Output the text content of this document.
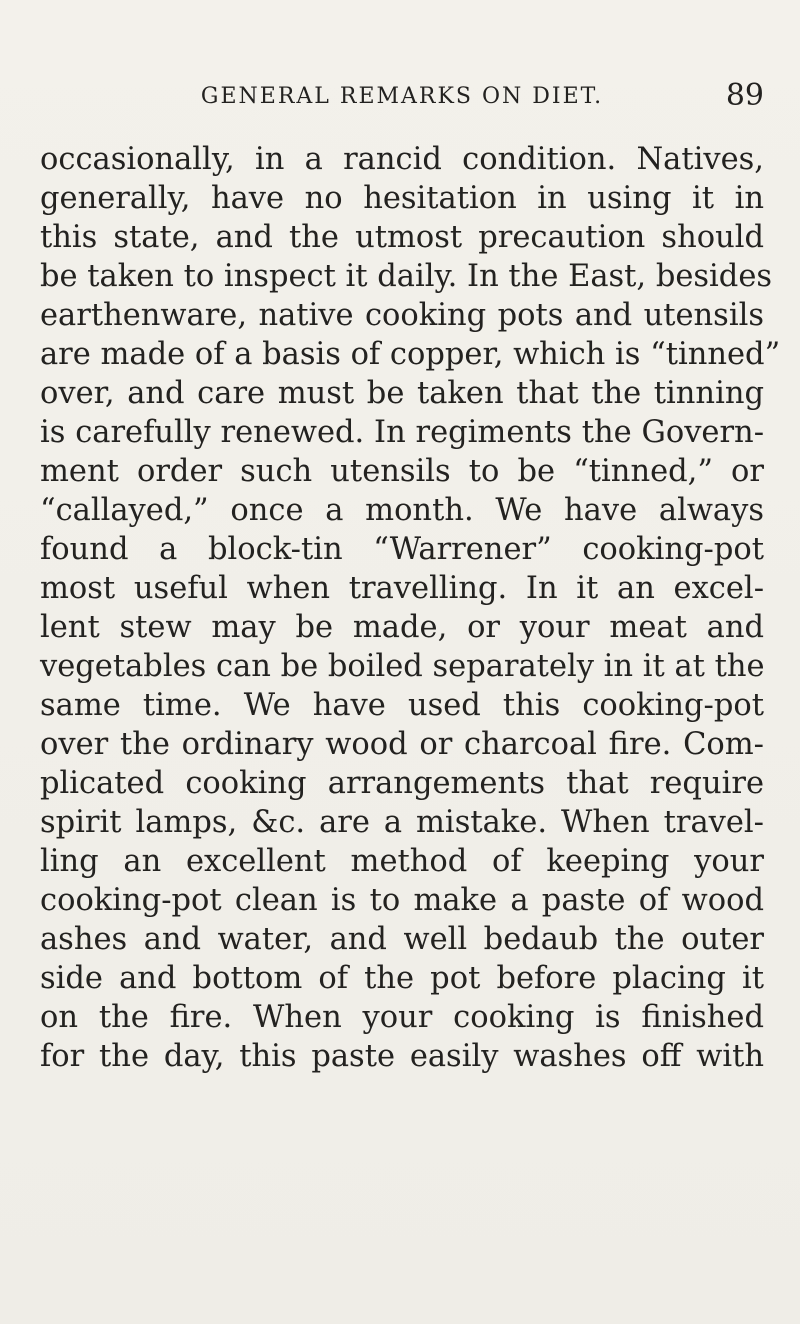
GENERAL REMARKS ON DIET.	89
occasionally, in a rancid condition. Natives,
generally, have no hesitation in using it in
this state, and the utmost precaution should
be taken to inspect it daily. In the East, besides
earthenware, native cooking pots and utensils
are made of a basis of copper, which is “tinned”
over, and care must be taken that the tinning
is carefully renewed. In regiments the Govern-
ment order such utensils to be “tinned,” or
“callayed,” once a month. We have always
found a block-tin “Warrener” cooking-pot
most useful when travelling. In it an excel-
lent stew may be made, or your meat and
vegetables can be boiled separately in it at the
same time. We have used this cooking-pot
over the ordinary wood or charcoal fire. Com-
plicated cooking arrangements that require
spirit lamps, &c. are a mistake. When travel-
ling an excellent method of keeping your
cooking-pot clean is to make a paste of wood
ashes and water, and well bedaub the outer
side and bottom of the pot before placing it
on the fire. When your cooking is finished
for the day, this paste easily washes off with
